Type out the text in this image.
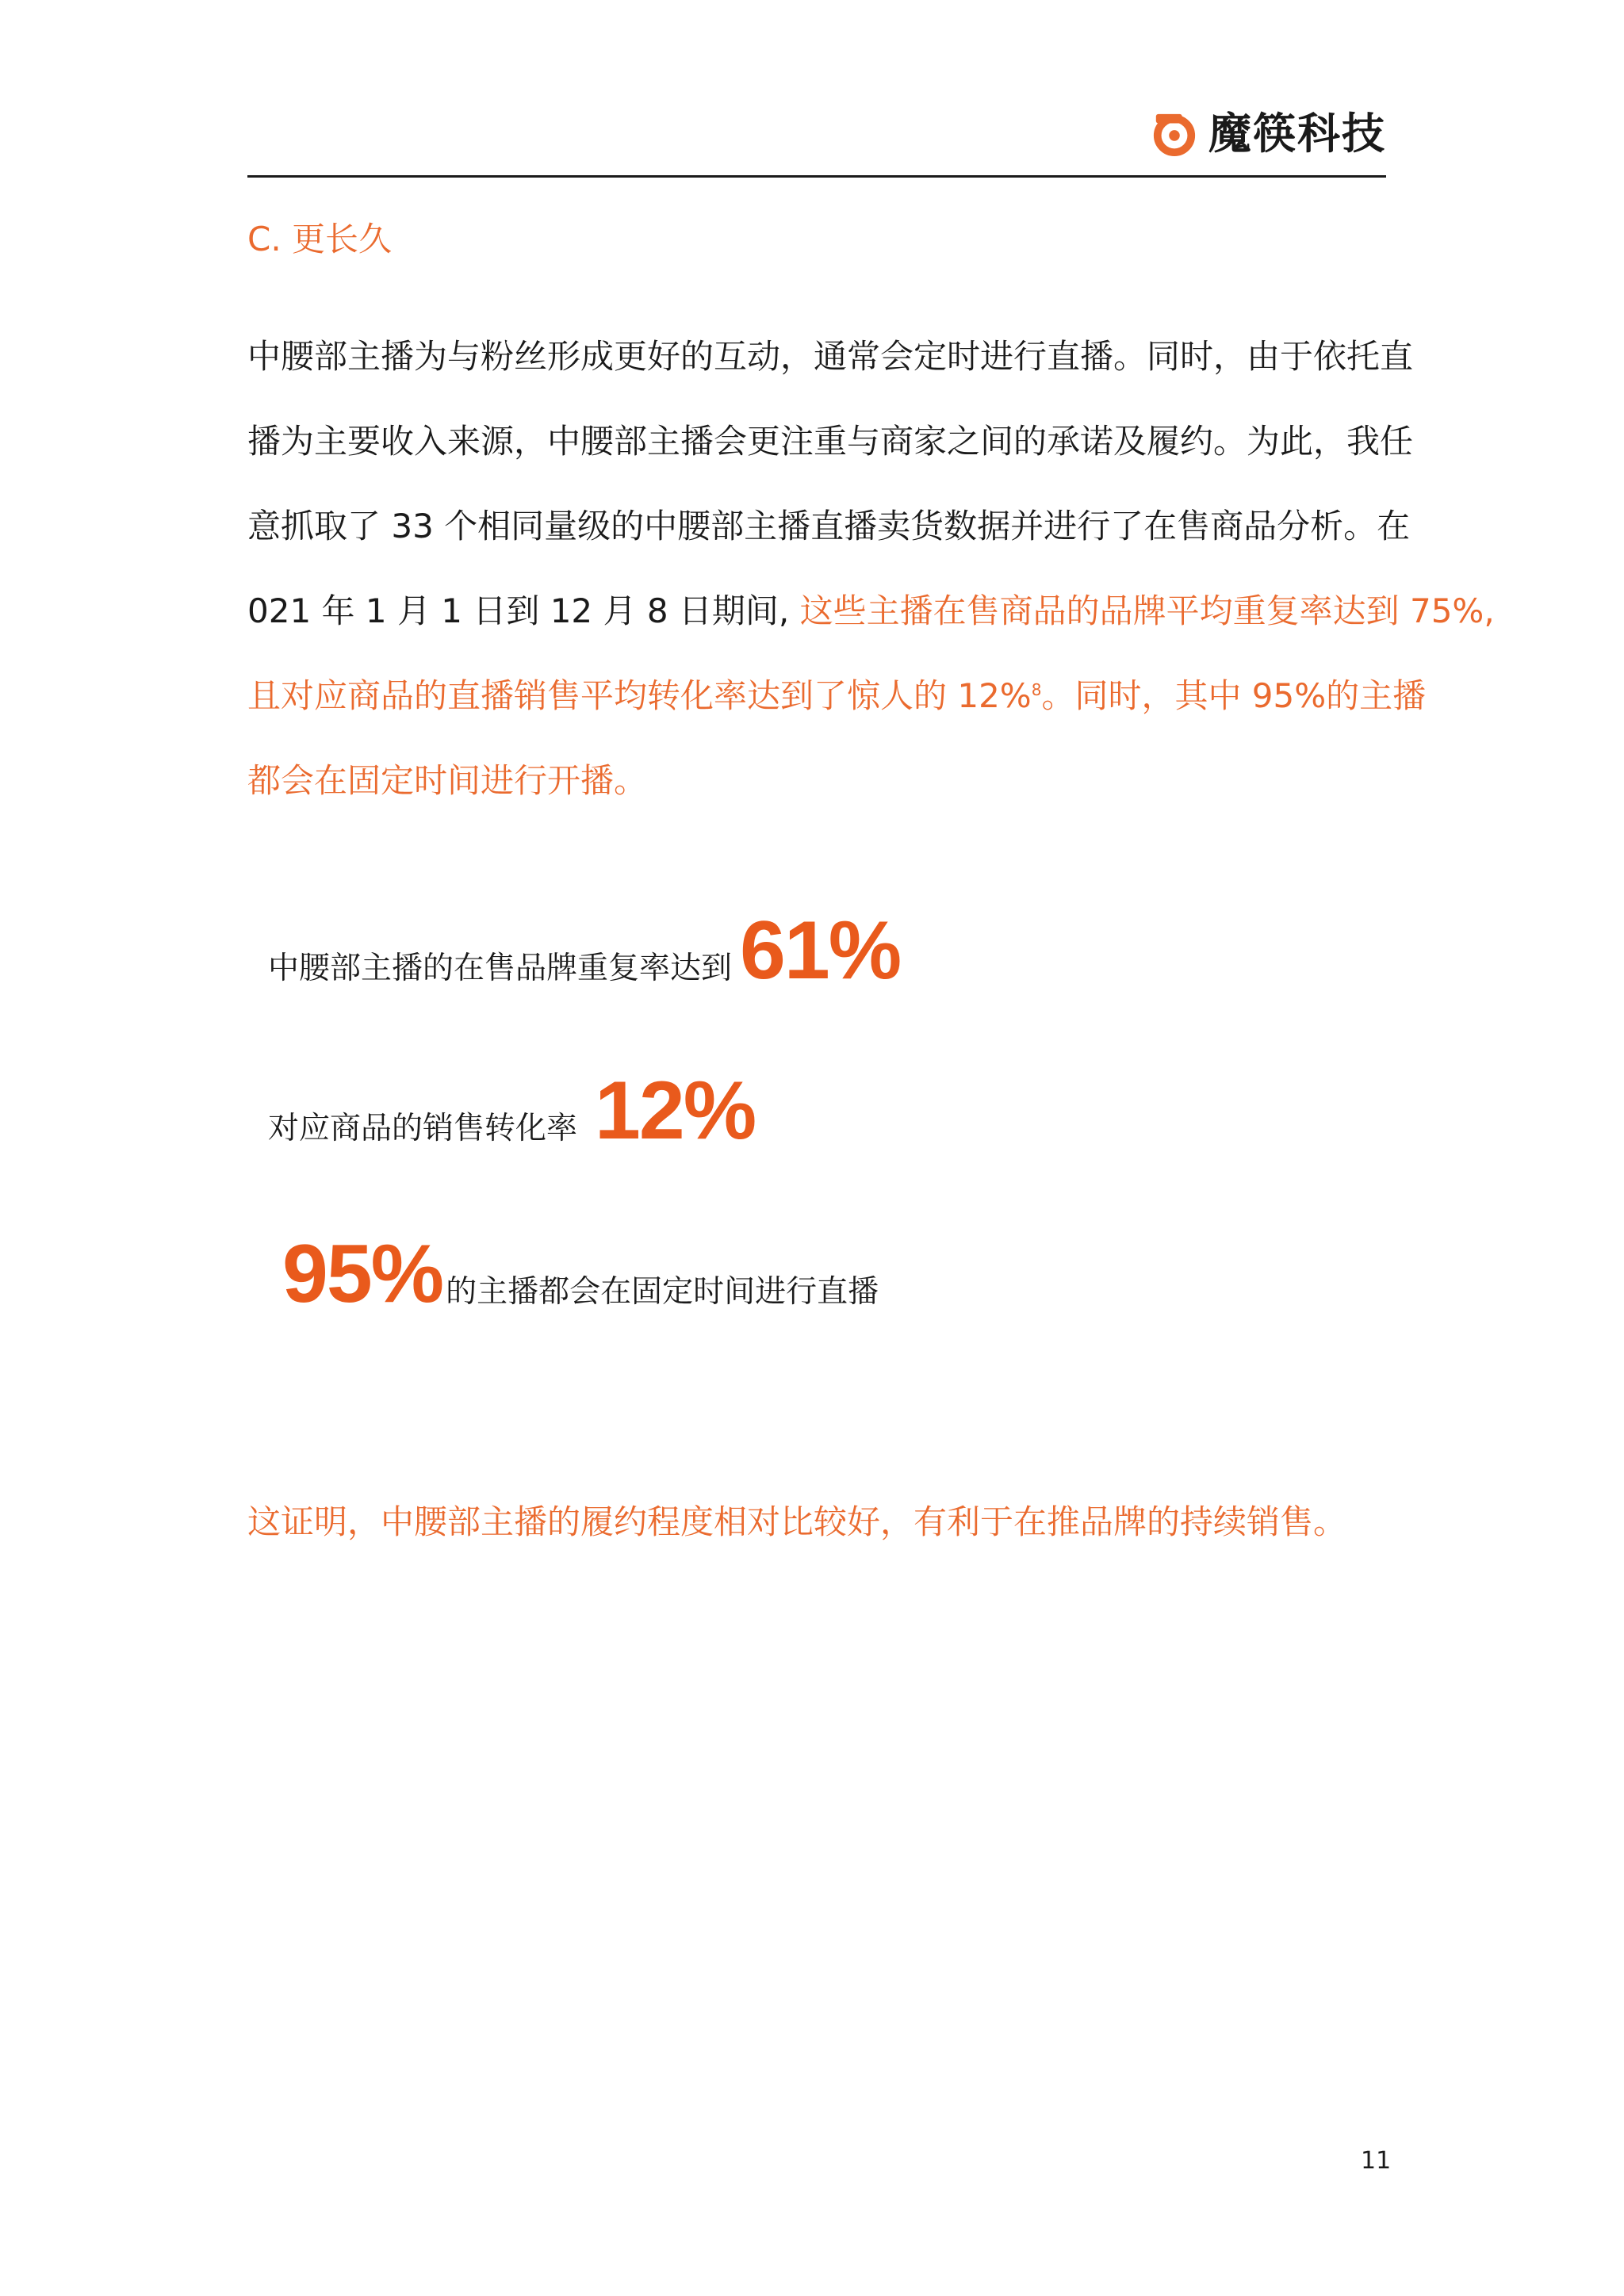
魔筷科技
C. 更长久
中腰部主播为与粉丝形成更好的互动，通常会定时进行直播。同时，由于依托直
播为主要收入来源，中腰部主播会更注重与商家之间的承诺及履约。为此，我任
意抓取了 33 个相同量级的中腰部主播直播卖货数据并进行了在售商品分析。在
021 年 1 月 1 日到 12 月 8 日期间, 这些主播在售商品的品牌平均重复率达到 75%,
且对应商品的直播销售平均转化率达到了惊人的 12%$^8$。同时，其中 95%的主播
都会在固定时间进行开播。
中腰部主播的在售品牌重复率达到 61%
对应商品的销售转化率 12%
95% 的主播都会在固定时间进行直播
这证明，中腰部主播的履约程度相对比较好，有利于在推品牌的持续销售。
11
